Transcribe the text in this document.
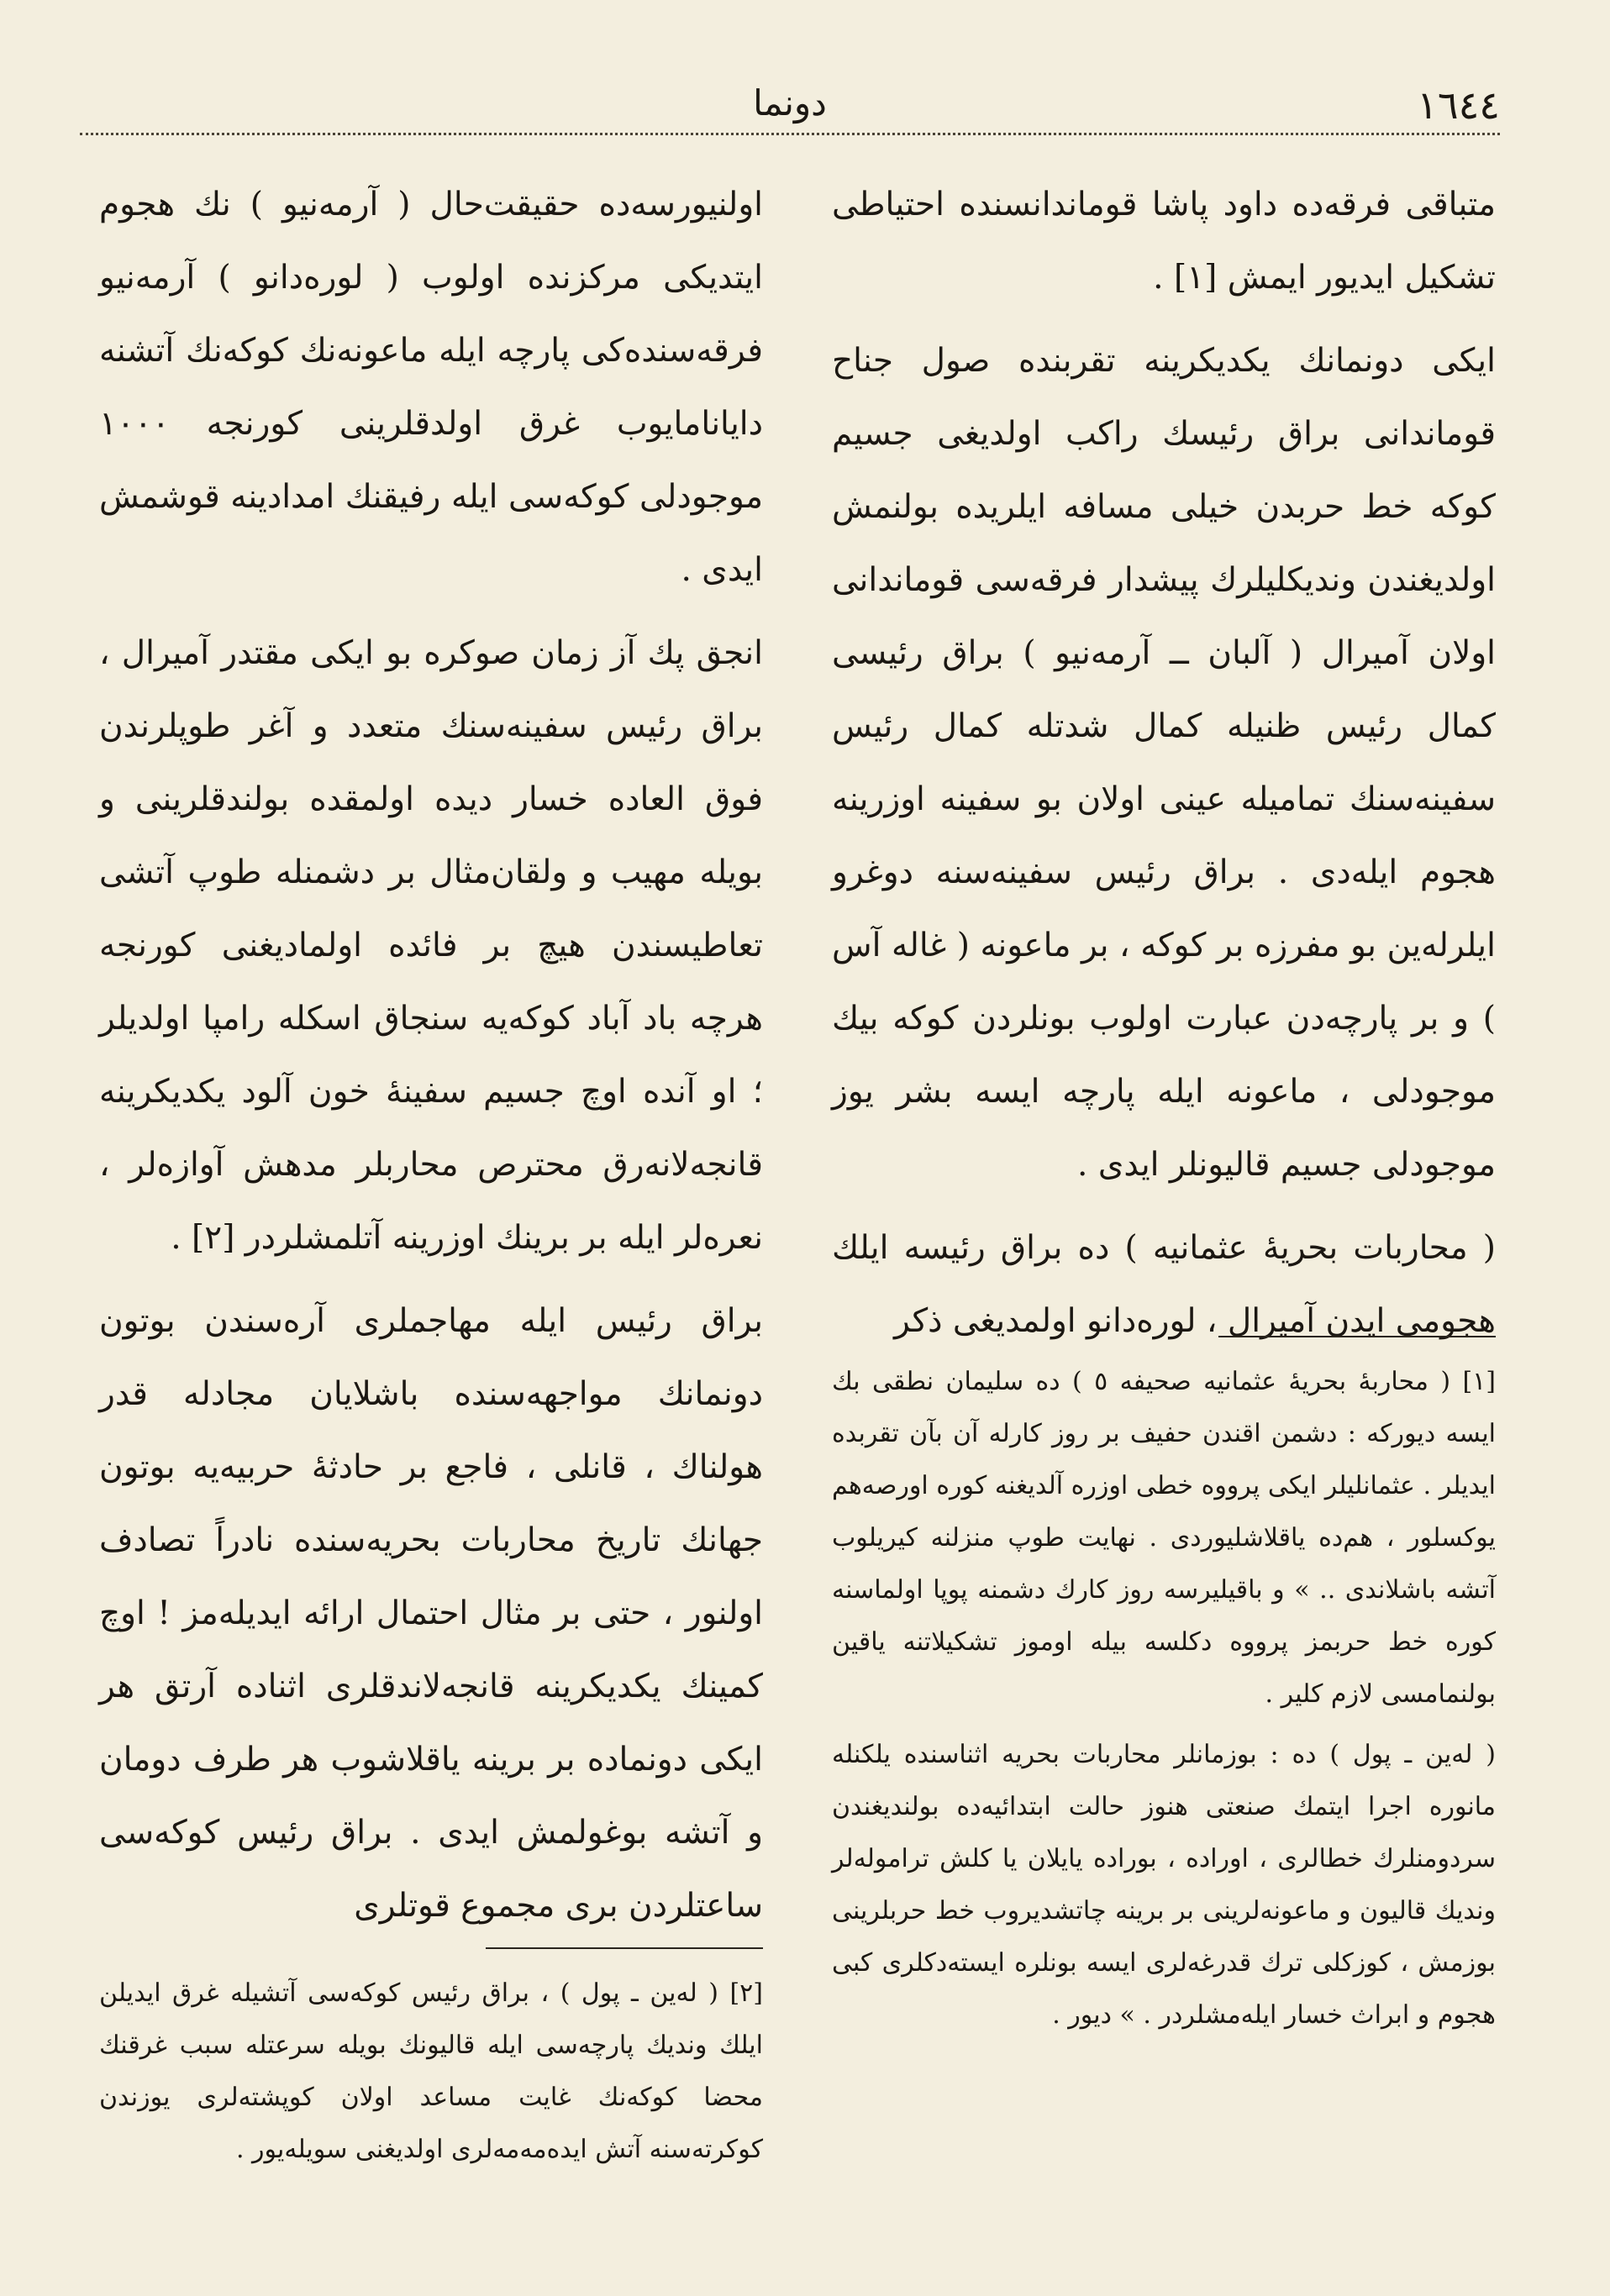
١٦٤٤
دونما

متباقی فرقه‌ده داود پاشا قوماندانسنده احتیاطی تشکیل ایدیور ایمش [١] .

ایکی دونمانك یکدیکرینه تقربنده صول جناح قوماندانی براق رئیسك راکب اولدیغی جسیم کوکه خط حربدن خیلی مسافه ایلریده بولنمش اولدیغندن وندیکلیلرك پیشدار فرقه‌سی قوماندانی اولان آمیرال ( آلبان ــ آرمه‌نیو ) براق رئیسی کمال رئیس ظنیله کمال شدتله کمال رئیس سفینه‌سنك تمامیله عینی اولان بو سفینه اوزرینه هجوم ایله‌دی . براق رئیس سفینه‌سنه دوغرو ایلرله‌ین بو مفرزه بر کوکه ، بر ماعونه ( غاله آس ) و بر پارچه‌دن عبارت اولوب بونلردن کوکه بیك موجودلی ، ماعونه ایله پارچه ایسه بشر یوز موجودلی جسیم قالیونلر ایدی .

( محاربات بحریهٔ عثمانیه ) ده براق رئیسه ایلك هجومی ایدن آمیرال ، لوره‌دانو اولمدیغی ذکر

[١] ( محاربهٔ بحریهٔ عثمانیه صحیفه ٥ ) ده سلیمان نطقی بك ایسه دیورکه : دشمن اقندن حفیف بر روز کارله آن بآن تقربده ایدیلر . عثمانلیلر ایکی پرووه خطی اوزره آلدیغنه کوره اورصه‌هم یوکسلور ، هم‌ده یاقلاشلیوردی . نهایت طوپ منزلنه کیریلوب آتشه باشلاندی .. » و باقیلیرسه روز کارك دشمنه پوپا اولماسنه کوره خط حربمز پرووه دکلسه بیله اوموز تشکیلاتنه یاقین بولنمامسی لازم کلیر .

( له‌ین ـ پول ) ده : بوزمانلر محاربات بحریه اثناسنده یلکنله مانوره اجرا ایتمك صنعتی هنوز حالت ابتدائیه‌ده بولندیغندن سردومنلرك خطالری ، اوراده ، بوراده یایلان یا کلش تراموله‌لر وندیك قالیون و ماعونه‌لرینی بر برینه چاتشدیروب خط حربلرینی بوزمش ، کوزکلی ترك قدرغه‌لری ایسه بونلره ایسته‌دکلری کبی هجوم و ابراث خسار ایله‌مشلردر . » دیور .

اولنیورسه‌ده حقیقت‌حال ( آرمه‌نیو ) نك هجوم ایتدیکی مرکزنده اولوب ( لوره‌دانو ) آرمه‌نیو فرقه‌سنده‌کی پارچه ایله ماعونه‌نك کوکه‌نك آتشنه دایانامایوب غرق اولدقلرینی کورنجه ١٠٠٠ موجودلی کوکه‌سی ایله رفیقنك امدادینه قوشمش ایدی .

انجق پك آز زمان صوکره بو ایکی مقتدر آمیرال ، براق رئیس سفینه‌سنك متعدد و آغر طوپلرندن فوق العاده خسار دیده اولمقده بولندقلرینی و بویله مهیب و ولقان‌مثال بر دشمنله طوپ آتشی تعاطیسندن هیچ بر فائده اولمادیغنی کورنجه هرچه باد آباد کوکه‌یه سنجاق اسکله رامپا اولدیلر ؛ او آنده اوچ جسیم سفینهٔ خون آلود یکدیکرینه قانجه‌لانه‌رق محترص محاربلر مدهش آوازه‌لر ، نعره‌لر ایله بر برینك اوزرینه آتلمشلردر [٢] .

براق رئیس ایله مهاجملری آره‌سندن بوتون دونمانك مواجهه‌سنده باشلایان مجادله قدر هولناك ، قانلی ، فاجع بر حادثهٔ حربیه‌یه بوتون جهانك تاریخ محاربات بحریه‌سنده نادراً تصادف اولنور ، حتی بر مثال احتمال ارائه ایدیله‌مز ! اوچ کمینك یکدیکرینه قانجه‌لاندقلری اثناده آرتق هر ایکی دونماده بر برینه یاقلاشوب هر طرف دومان و آتشه بوغولمش ایدی . براق رئیس کوکه‌سی ساعتلردن بری مجموع قوتلری

[٢] ( له‌ین ـ پول ) ، براق رئیس کوکه‌سی آتشیله غرق ایدیلن ایلك وندیك پارچه‌سی ایله قالیونك بویله سرعتله سبب غرقنك محضا کوکه‌نك غایت مساعد اولان کوپشته‌لری یوزندن کوکرته‌سنه آتش ایده‌مه‌مه‌لری اولدیغنی سویله‌یور .
